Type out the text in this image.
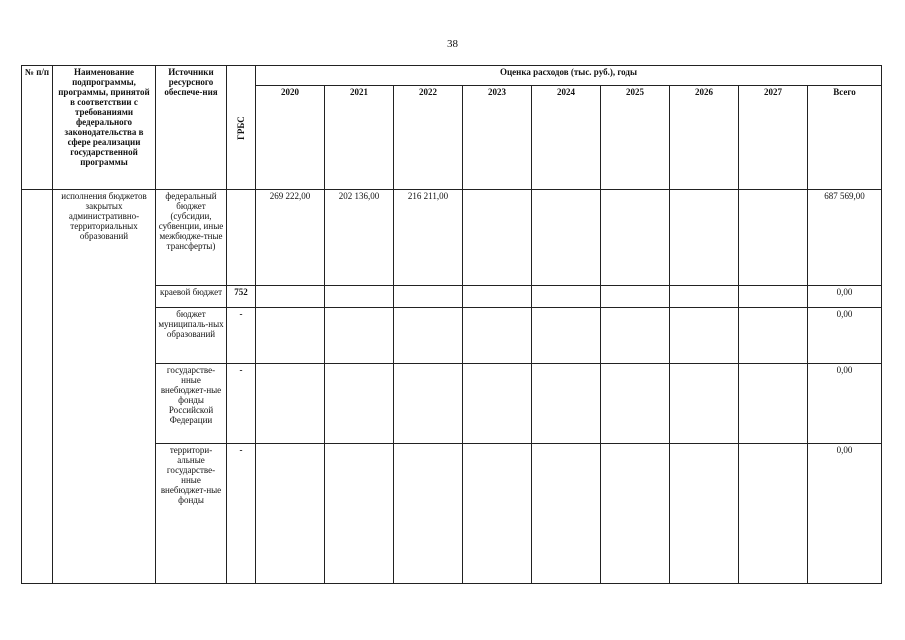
38
№ п/п	Наименование подпрограммы, программы, принятой в соответствии с требованиями федерального законодательства в сфере реализации государственной программы	Источники ресурсного обеспече-ния	ГРБС	Оценка расходов (тыс. руб.), годы								
				2020	2021	2022	2023	2024	2025	2026	2027	Всего
	исполнения бюджетов закрытых административно-территориальных образований	федеральный бюджет (субсидии, субвенции, иные межбюдже-тные трансферты)		269 222,00	202 136,00	216 211,00						687 569,00
		краевой бюджет	752									0,00
		бюджет муниципаль-ных образований	-									0,00
		государстве-нные внебюджет-ные фонды Российской Федерации	-									0,00
		территори-альные государстве-нные внебюджет-ные фонды	-									0,00
